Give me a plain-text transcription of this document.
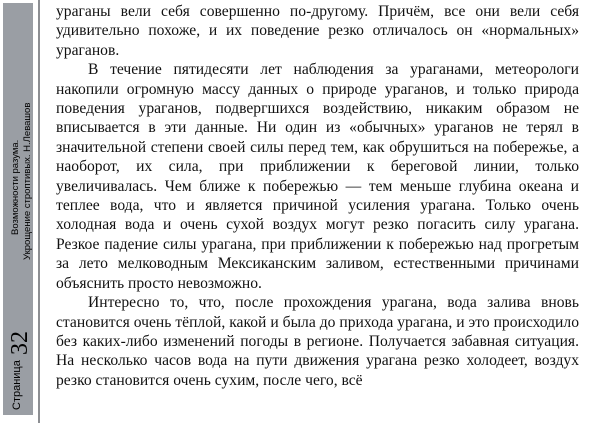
Страница
32
Возможности разума. Укрощение строптивых. Н.Левашов

ураганы вели себя совершенно по-другому. Причём, все они вели себя удивительно похоже, и их поведение резко отличалось он «нормальных» ураганов.

В течение пятидесяти лет наблюдения за ураганами, метеорологи накопили огромную массу данных о природе ураганов, и только природа поведения ураганов, подвергшихся воздействию, никаким образом не вписывается в эти данные. Ни один из «обычных» ураганов не терял в значительной степени своей силы перед тем, как обрушиться на побережье, а наоборот, их сила, при приближении к береговой линии, только увеличивалась. Чем ближе к побережью — тем меньше глубина океана и теплее вода, что и является причиной усиления урагана. Только очень холодная вода и очень сухой воздух могут резко погасить силу урагана. Резкое падение силы урагана, при приближении к побережью над прогретым за лето мелководным Мексиканским заливом, естественными причинами объяснить просто невозможно.

Интересно то, что, после прохождения урагана, вода залива вновь становится очень тёплой, какой и была до прихода урагана, и это происходило без каких-либо изменений погоды в регионе. Получается забавная ситуация. На несколько часов вода на пути движения урагана резко холодеет, воздух резко становится очень сухим, после чего, всё
